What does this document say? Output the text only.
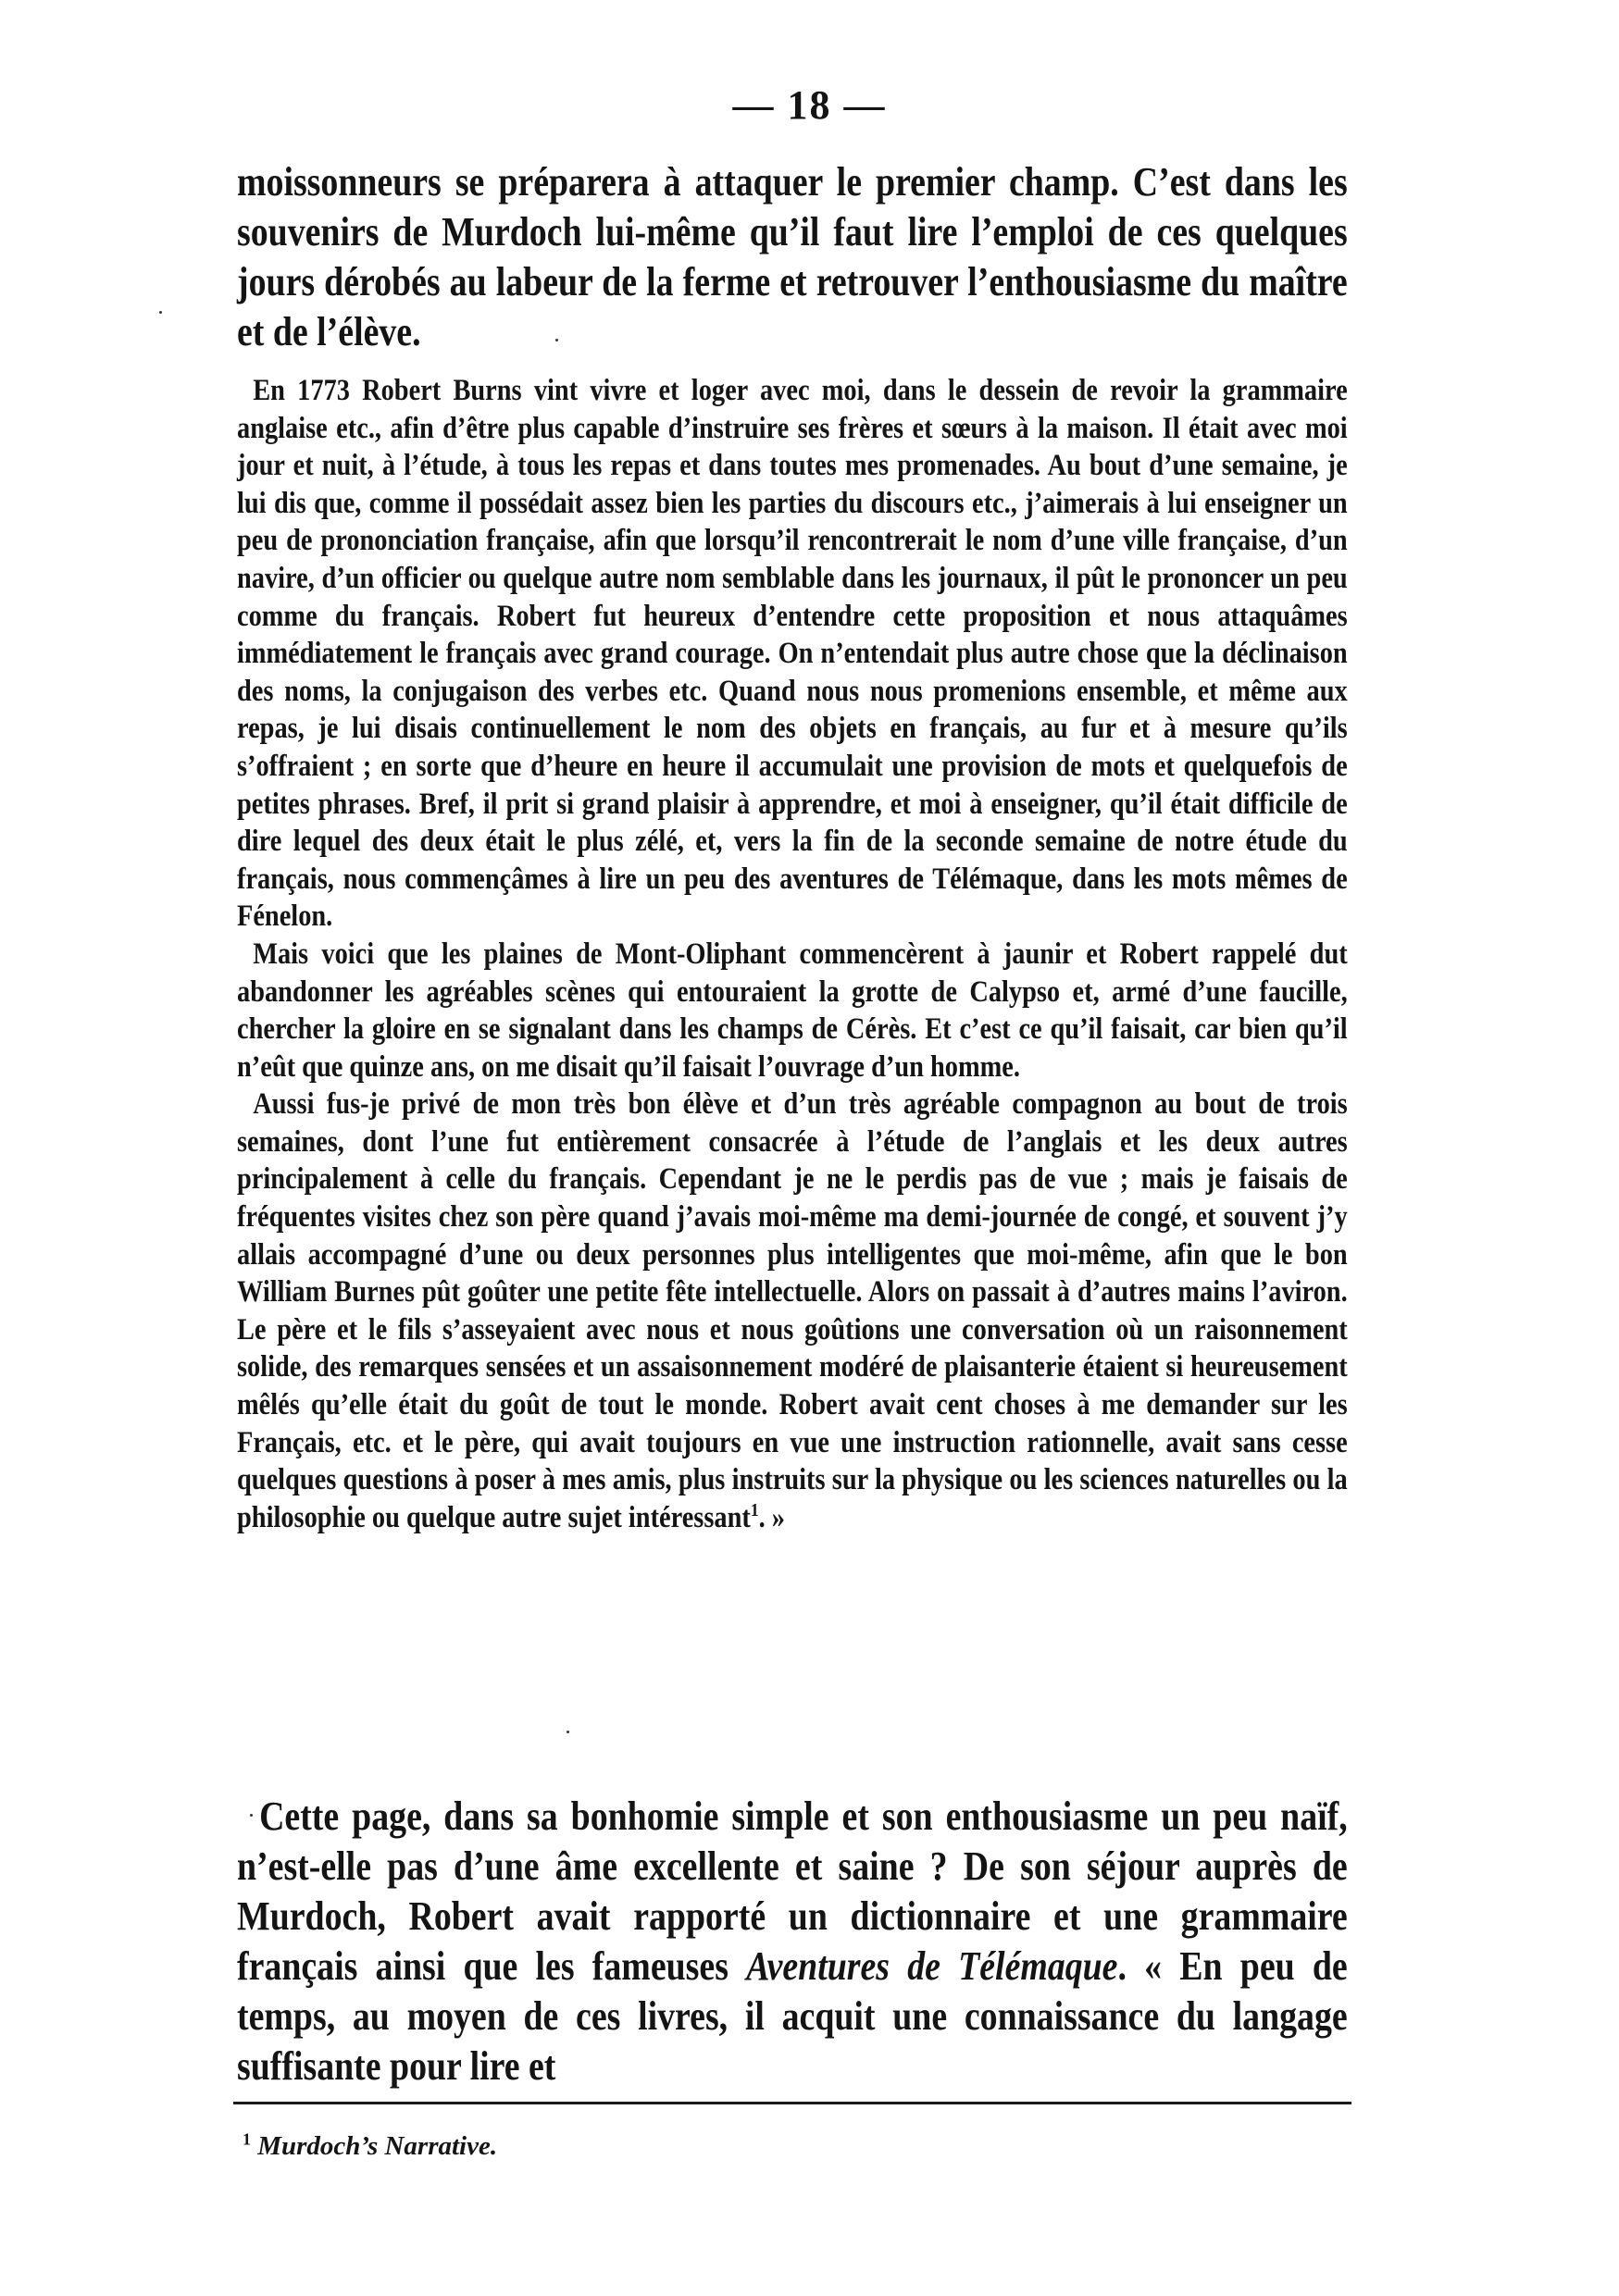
— 18 —

moissonneurs se préparera à attaquer le premier champ. C’est dans les souvenirs de Murdoch lui-même qu’il faut lire l’emploi de ces quelques jours dérobés au labeur de la ferme et retrouver l’enthousiasme du maître et de l’élève.

En 1773 Robert Burns vint vivre et loger avec moi, dans le dessein de revoir la grammaire anglaise etc., afin d’être plus capable d’instruire ses frères et sœurs à la maison. Il était avec moi jour et nuit, à l’étude, à tous les repas et dans toutes mes promenades. Au bout d’une semaine, je lui dis que, comme il possédait assez bien les parties du discours etc., j’aimerais à lui enseigner un peu de prononciation française, afin que lorsqu’il rencontrerait le nom d’une ville française, d’un navire, d’un officier ou quelque autre nom semblable dans les journaux, il pût le prononcer un peu comme du français. Robert fut heureux d’entendre cette proposition et nous attaquâmes immédiatement le français avec grand courage. On n’entendait plus autre chose que la déclinaison des noms, la conjugaison des verbes etc. Quand nous nous promenions ensemble, et même aux repas, je lui disais continuellement le nom des objets en français, au fur et à mesure qu’ils s’offraient ; en sorte que d’heure en heure il accumulait une provision de mots et quelquefois de petites phrases. Bref, il prit si grand plaisir à apprendre, et moi à enseigner, qu’il était difficile de dire lequel des deux était le plus zélé, et, vers la fin de la seconde semaine de notre étude du français, nous commençâmes à lire un peu des aventures de Télémaque, dans les mots mêmes de Fénelon.

Mais voici que les plaines de Mont-Oliphant commencèrent à jaunir et Robert rappelé dut abandonner les agréables scènes qui entouraient la grotte de Calypso et, armé d’une faucille, chercher la gloire en se signalant dans les champs de Cérès. Et c’est ce qu’il faisait, car bien qu’il n’eût que quinze ans, on me disait qu’il faisait l’ouvrage d’un homme.

Aussi fus-je privé de mon très bon élève et d’un très agréable compagnon au bout de trois semaines, dont l’une fut entièrement consacrée à l’étude de l’anglais et les deux autres principalement à celle du français. Cependant je ne le perdis pas de vue ; mais je faisais de fréquentes visites chez son père quand j’avais moi-même ma demi-journée de congé, et souvent j’y allais accompagné d’une ou deux personnes plus intelligentes que moi-même, afin que le bon William Burnes pût goûter une petite fête intellectuelle. Alors on passait à d’autres mains l’aviron. Le père et le fils s’asseyaient avec nous et nous goûtions une conversation où un raisonnement solide, des remarques sensées et un assaisonnement modéré de plaisanterie étaient si heureusement mêlés qu’elle était du goût de tout le monde. Robert avait cent choses à me demander sur les Français, etc. et le père, qui avait toujours en vue une instruction rationnelle, avait sans cesse quelques questions à poser à mes amis, plus instruits sur la physique ou les sciences naturelles ou la philosophie ou quelque autre sujet intéressant$^1$. »

Cette page, dans sa bonhomie simple et son enthousiasme un peu naïf, n’est-elle pas d’une âme excellente et saine ? De son séjour auprès de Murdoch, Robert avait rapporté un dictionnaire et une grammaire français ainsi que les fameuses Aventures de Télémaque. « En peu de temps, au moyen de ces livres, il acquit une connaissance du langage suffisante pour lire et

$^1$ Murdoch’s Narrative.
